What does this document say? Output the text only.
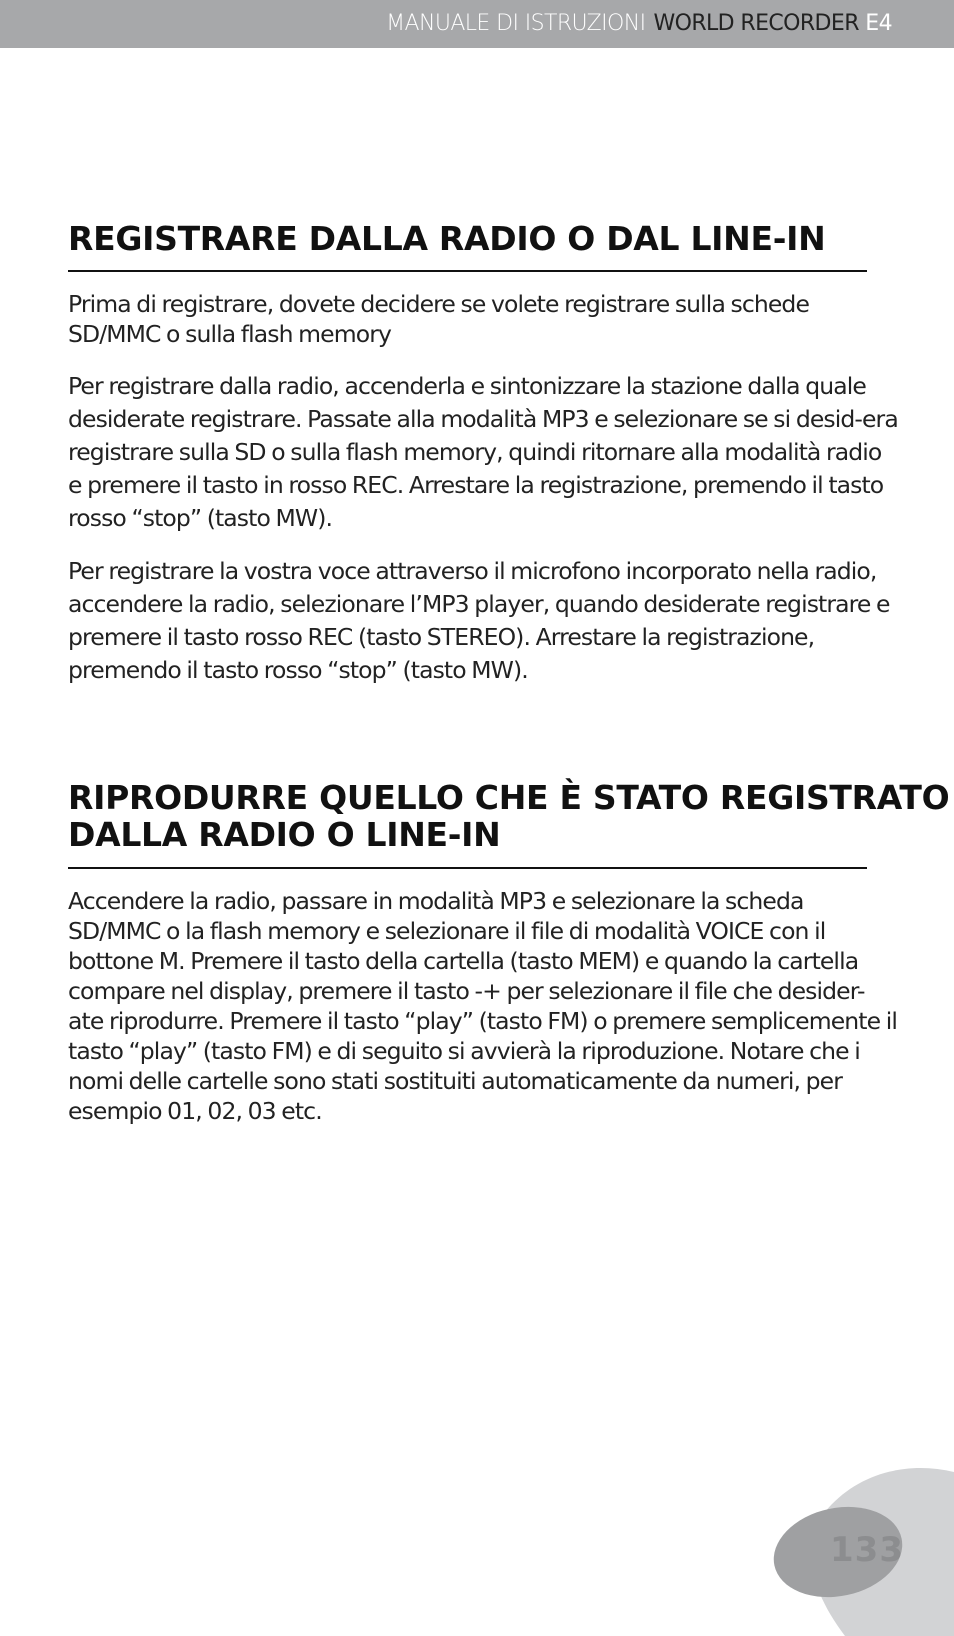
MANUALE DI ISTRUZIONI WORLD RECORDER E4
REGISTRARE DALLA RADIO O DAL LINE-IN

Prima di registrare, dovete decidere se volete registrare sulla schede SD/MMC o sulla flash memory

Per registrare dalla radio, accenderla e sintonizzare la stazione dalla quale desiderate registrare. Passate alla modalità MP3 e selezionare se si desid-era registrare sulla SD o sulla flash memory, quindi ritornare alla modalità radio e premere il tasto in rosso REC. Arrestare la registrazione, premendo il tasto rosso “stop” (tasto MW).

Per registrare la vostra voce attraverso il microfono incorporato nella radio, accendere la radio, selezionare l’MP3 player, quando desiderate registrare e premere il tasto rosso REC (tasto STEREO). Arrestare la registrazione, premendo il tasto rosso “stop” (tasto MW).

RIPRODURRE QUELLO CHE È STATO REGISTRATO
DALLA RADIO O LINE-IN

Accendere la radio, passare in modalità MP3 e selezionare la scheda SD/MMC o la flash memory e selezionare il file di modalità VOICE con il bottone M. Premere il tasto della cartella (tasto MEM) e quando la cartella compare nel display, premere il tasto -+ per selezionare il file che desider-ate riprodurre. Premere il tasto “play” (tasto FM) o premere semplicemente il tasto “play” (tasto FM) e di seguito si avvierà la riproduzione. Notare che i nomi delle cartelle sono stati sostituiti automaticamente da numeri, per esempio 01, 02, 03 etc.

133
